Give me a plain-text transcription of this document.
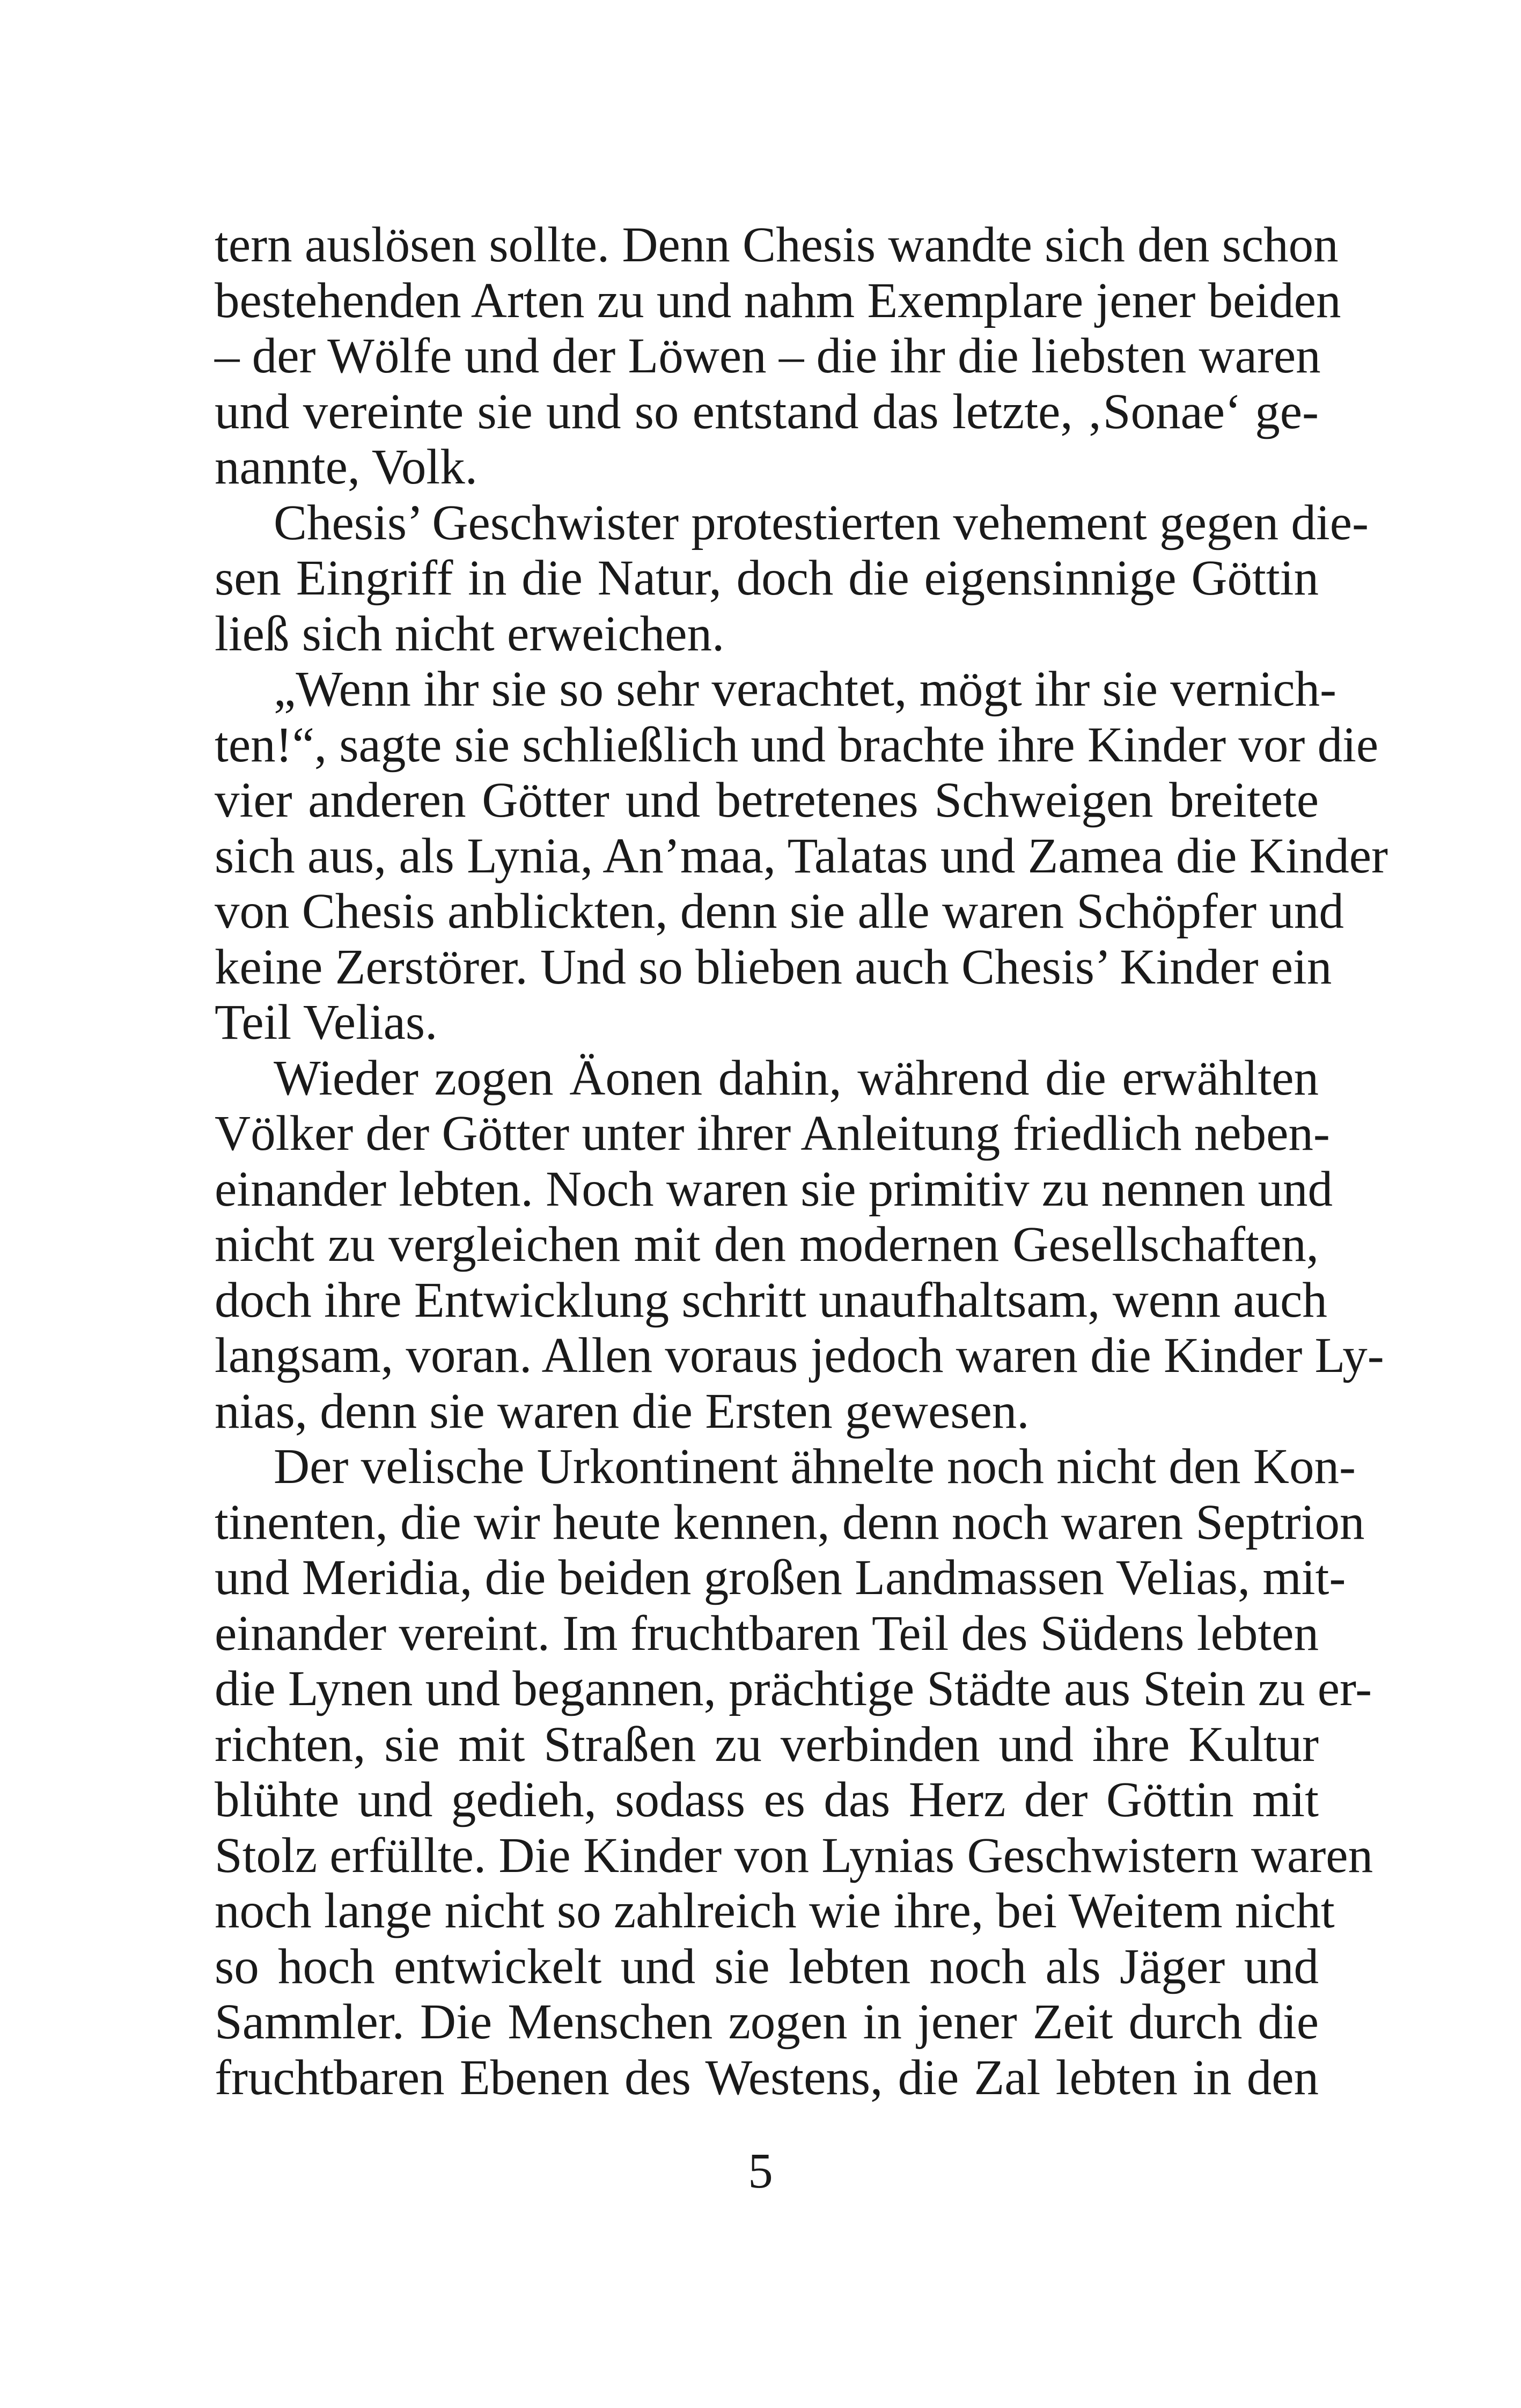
tern auslösen sollte. Denn Chesis wandte sich den schon
bestehenden Arten zu und nahm Exemplare jener beiden
– der Wölfe und der Löwen – die ihr die liebsten waren
und vereinte sie und so entstand das letzte, ‚Sonae‘ ge-
nannte, Volk.
Chesis’ Geschwister protestierten vehement gegen die-
sen Eingriff in die Natur, doch die eigensinnige Göttin
ließ sich nicht erweichen.
„Wenn ihr sie so sehr verachtet, mögt ihr sie vernich-
ten!“, sagte sie schließlich und brachte ihre Kinder vor die
vier anderen Götter und betretenes Schweigen breitete
sich aus, als Lynia, An’maa, Talatas und Zamea die Kinder
von Chesis anblickten, denn sie alle waren Schöpfer und
keine Zerstörer. Und so blieben auch Chesis’ Kinder ein
Teil Velias.
Wieder zogen Äonen dahin, während die erwählten
Völker der Götter unter ihrer Anleitung friedlich neben-
einander lebten. Noch waren sie primitiv zu nennen und
nicht zu vergleichen mit den modernen Gesellschaften,
doch ihre Entwicklung schritt unaufhaltsam, wenn auch
langsam, voran. Allen voraus jedoch waren die Kinder Ly-
nias, denn sie waren die Ersten gewesen.
Der velische Urkontinent ähnelte noch nicht den Kon-
tinenten, die wir heute kennen, denn noch waren Septrion
und Meridia, die beiden großen Landmassen Velias, mit-
einander vereint. Im fruchtbaren Teil des Südens lebten
die Lynen und begannen, prächtige Städte aus Stein zu er-
richten, sie mit Straßen zu verbinden und ihre Kultur
blühte und gedieh, sodass es das Herz der Göttin mit
Stolz erfüllte. Die Kinder von Lynias Geschwistern waren
noch lange nicht so zahlreich wie ihre, bei Weitem nicht
so hoch entwickelt und sie lebten noch als Jäger und
Sammler. Die Menschen zogen in jener Zeit durch die
fruchtbaren Ebenen des Westens, die Zal lebten in den
5
